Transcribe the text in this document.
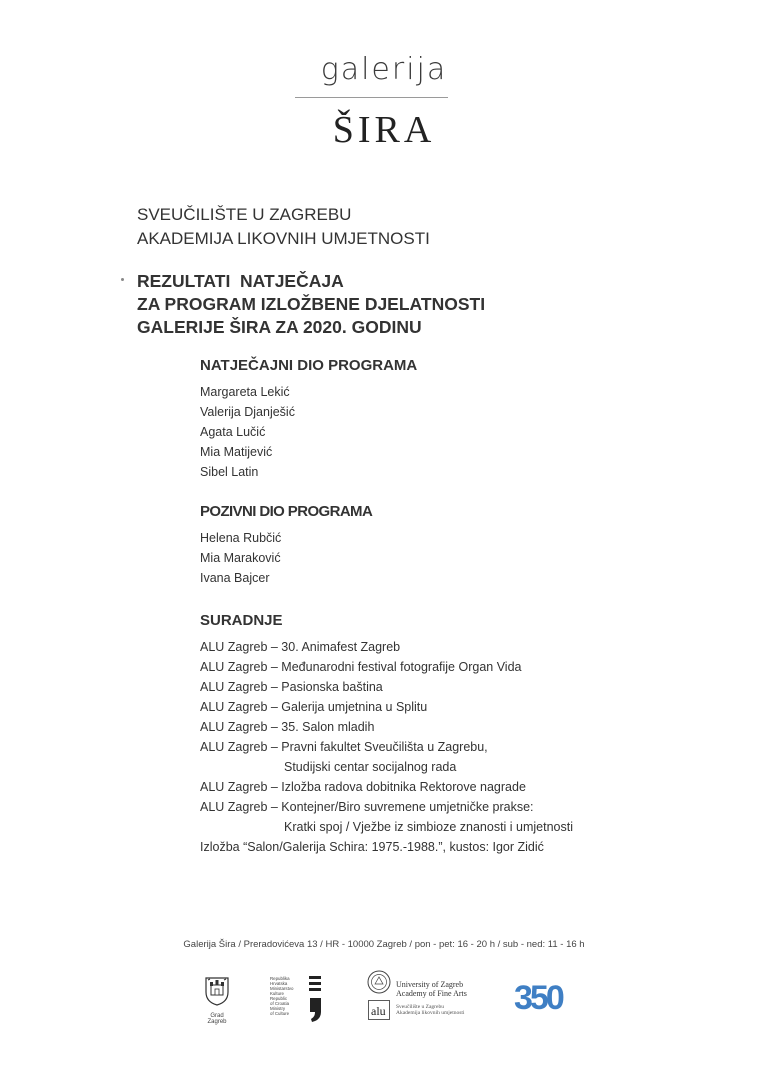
galerija
ŠIRA
SVEUČILIŠTE U ZAGREBU
AKADEMIJA LIKOVNIH UMJETNOSTI
REZULTATI  NATJEČAJA
ZA PROGRAM IZLOŽBENE DJELATNOSTI
GALERIJE ŠIRA ZA 2020. GODINU
NATJEČAJNI DIO PROGRAMA
Margareta Lekić
Valerija Djanješić
Agata Lučić
Mia Matijević
Sibel Latin
POZIVNI DIO PROGRAMA
Helena Rubčić
Mia Maraković
Ivana Bajcer
SURADNJE
ALU Zagreb – 30. Animafest Zagreb
ALU Zagreb – Međunarodni festival fotografije Organ Vida
ALU Zagreb – Pasionska baština
ALU Zagreb – Galerija umjetnina u Splitu
ALU Zagreb – 35. Salon mladih
ALU Zagreb – Pravni fakultet Sveučilišta u Zagrebu,
Studijski centar socijalnog rada
ALU Zagreb – Izložba radova dobitnika Rektorove nagrade
ALU Zagreb – Kontejner/Biro suvremene umjetničke prakse:
Kratki spoj / Vježbe iz simbioze znanosti i umjetnosti
Izložba “Salon/Galerija Schira: 1975.-1988.”, kustos: Igor Zidić
Galerija Šira / Preradovićeva 13 / HR - 10000 Zagreb / pon - pet: 16 - 20 h / sub - ned: 11 - 16 h
Grad Zagreb
Republika
Hrvatska
Ministarstvo
Kulture
Republic
of Croatia
Ministry
of Culture	alu
University of Zagreb
Academy of Fine Arts
Sveučilište u Zagrebu
Akademija likovnih umjetnosti 350
